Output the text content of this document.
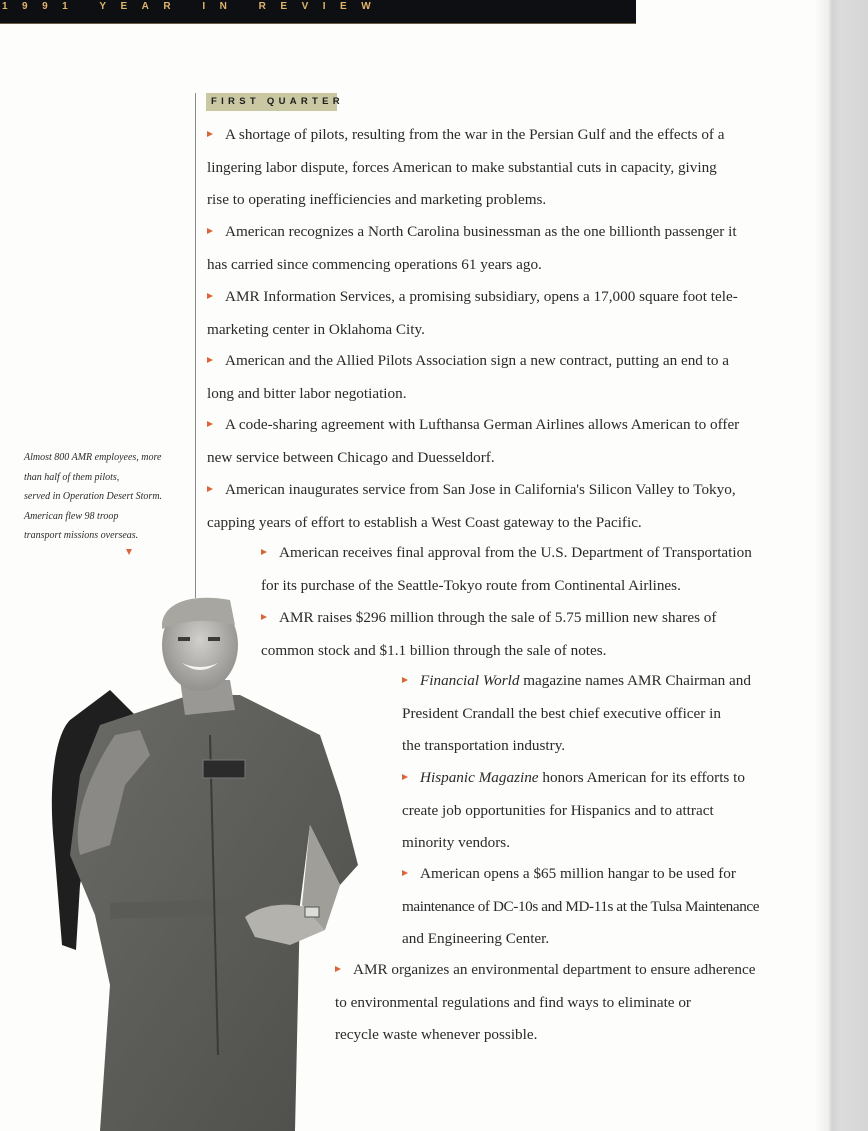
1991 YEAR IN REVIEW
FIRST QUARTER
A shortage of pilots, resulting from the war in the Persian Gulf and the effects of a
lingering labor dispute, forces American to make substantial cuts in capacity, giving
rise to operating inefficiencies and marketing problems.
American recognizes a North Carolina businessman as the one billionth passenger it
has carried since commencing operations 61 years ago.
AMR Information Services, a promising subsidiary, opens a 17,000 square foot tele-
marketing center in Oklahoma City.
American and the Allied Pilots Association sign a new contract, putting an end to a
long and bitter labor negotiation.
A code-sharing agreement with Lufthansa German Airlines allows American to offer
new service between Chicago and Duesseldorf.
American inaugurates service from San Jose in California's Silicon Valley to Tokyo,
capping years of effort to establish a West Coast gateway to the Pacific.
American receives final approval from the U.S. Department of Transportation
for its purchase of the Seattle-Tokyo route from Continental Airlines.
AMR raises $296 million through the sale of 5.75 million new shares of
common stock and $1.1 billion through the sale of notes.
Financial World magazine names AMR Chairman and
President Crandall the best chief executive officer in
the transportation industry.
Hispanic Magazine honors American for its efforts to
create job opportunities for Hispanics and to attract
minority vendors.
American opens a $65 million hangar to be used for
maintenance of DC-10s and MD-11s at the Tulsa Maintenance
and Engineering Center.
AMR organizes an environmental department to ensure adherence
to environmental regulations and find ways to eliminate or
recycle waste whenever possible.
Almost 800 AMR employees, more
than half of them pilots,
served in Operation Desert Storm.
American flew 98 troop
transport missions overseas.
